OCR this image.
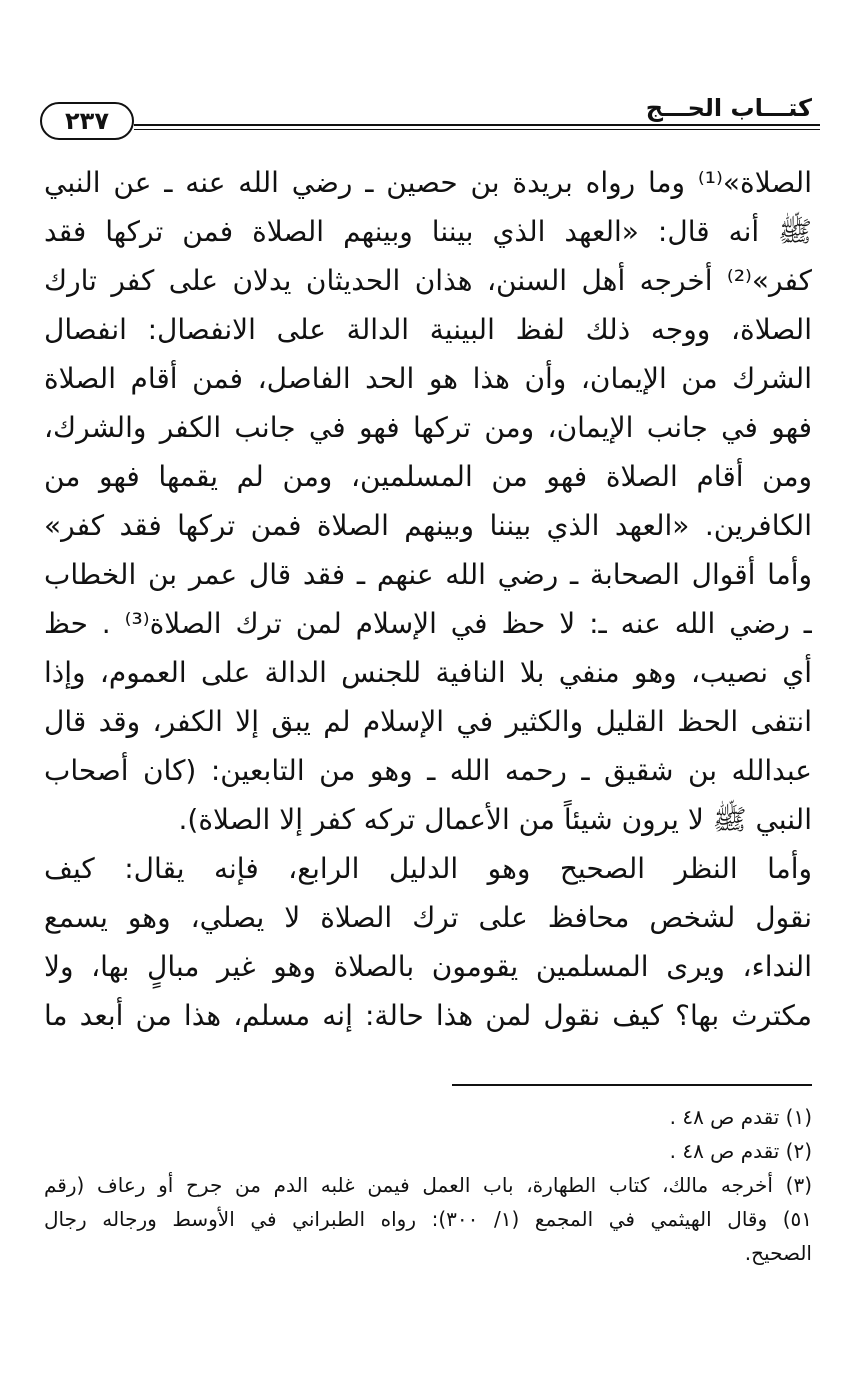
٢٣٧	كتـــاب الحـــج
الصلاة»⁽¹⁾ وما رواه بريدة بن حصين ـ رضي الله عنه ـ عن النبي
ﷺ أنه قال: «العهد الذي بيننا وبينهم الصلاة فمن تركها فقد
كفر»⁽²⁾ أخرجه أهل السنن، هذان الحديثان يدلان على كفر تارك
الصلاة، ووجه ذلك لفظ البينية الدالة على الانفصال: انفصال
الشرك من الإيمان، وأن هذا هو الحد الفاصل، فمن أقام الصلاة
فهو في جانب الإيمان، ومن تركها فهو في جانب الكفر والشرك،
ومن أقام الصلاة فهو من المسلمين، ومن لم يقمها فهو من
الكافرين. «العهد الذي بيننا وبينهم الصلاة فمن تركها فقد كفر»
وأما أقوال الصحابة ـ رضي الله عنهم ـ فقد قال عمر بن الخطاب
ـ رضي الله عنه ـ: لا حظ في الإسلام لمن ترك الصلاة⁽³⁾ . حظ
أي نصيب، وهو منفي بلا النافية للجنس الدالة على العموم، وإذا
انتفى الحظ القليل والكثير في الإسلام لم يبق إلا الكفر، وقد قال
عبدالله بن شقيق ـ رحمه الله ـ وهو من التابعين: (كان أصحاب
النبي ﷺ لا يرون شيئاً من الأعمال تركه كفر إلا الصلاة).
وأما النظر الصحيح وهو الدليل الرابع، فإنه يقال: كيف
نقول لشخص محافظ على ترك الصلاة لا يصلي، وهو يسمع
النداء، ويرى المسلمين يقومون بالصلاة وهو غير مبالٍ بها، ولا
مكترث بها؟ كيف نقول لمن هذا حالة: إنه مسلم، هذا من أبعد ما
(١) تقدم ص ٤٨ .
(٢) تقدم ص ٤٨ .
(٣) أخرجه مالك، كتاب الطهارة، باب العمل فيمن غلبه الدم من جرح أو رعاف (رقم
٥١) وقال الهيثمي في المجمع (١/ ٣٠٠): رواه الطبراني في الأوسط ورجاله رجال
الصحيح.
